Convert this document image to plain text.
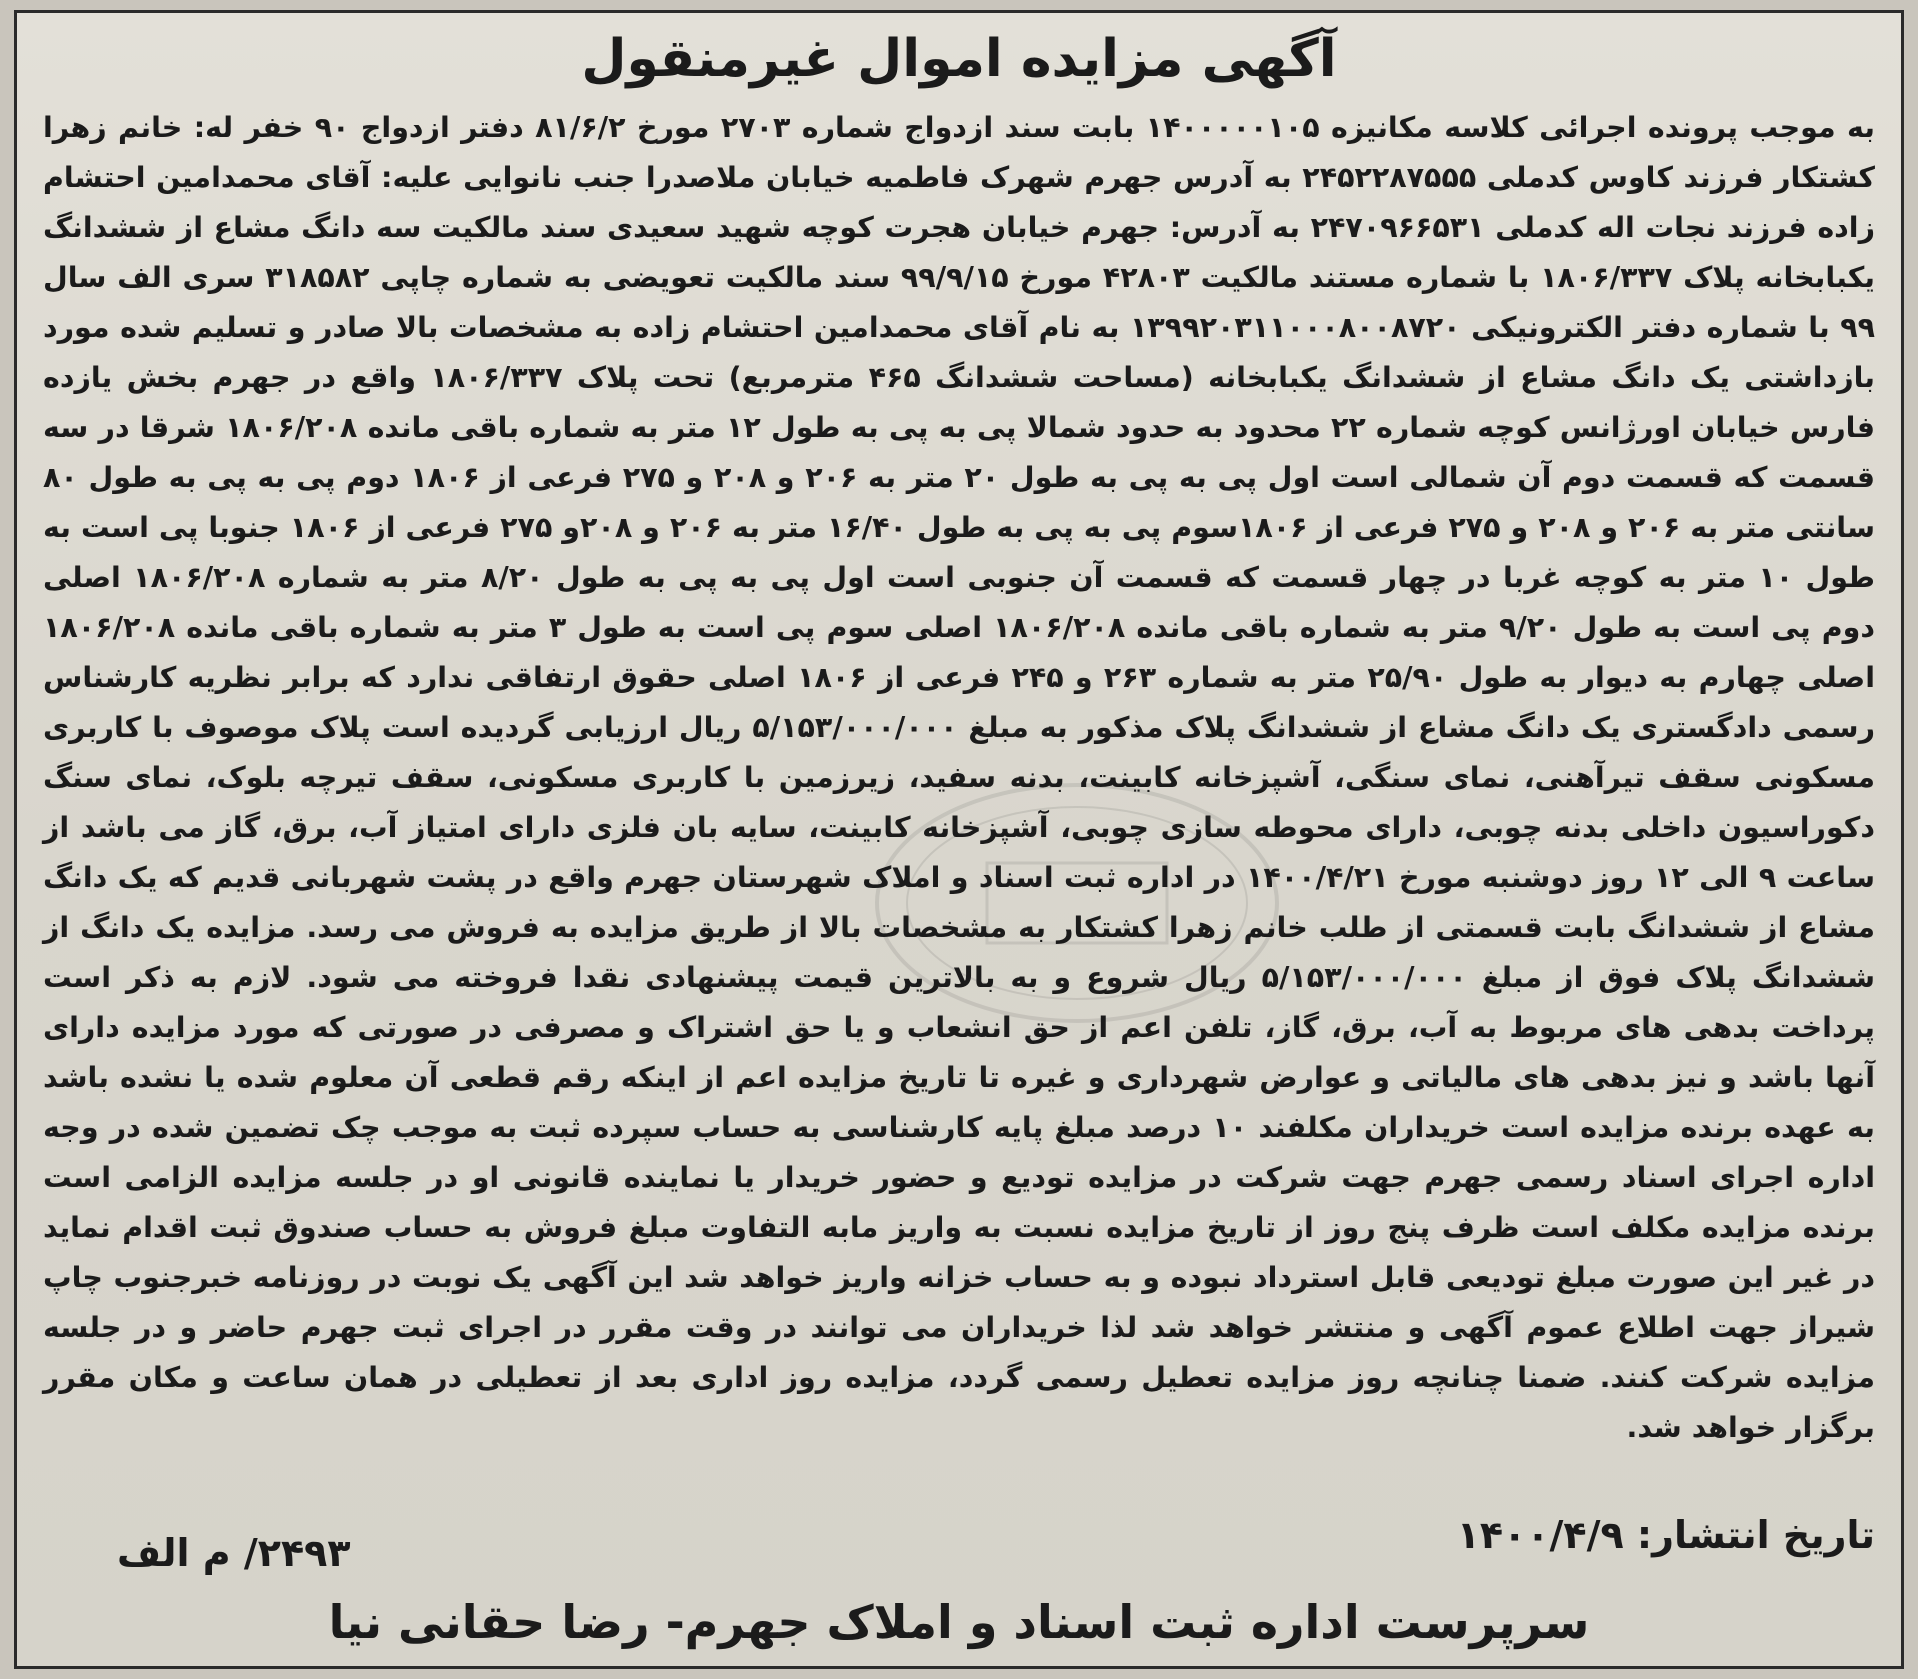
آگهی مزایده اموال غیرمنقول

به موجب پرونده اجرائی کلاسه مکانیزه ۱۴۰۰۰۰۰۱۰۵ بابت سند ازدواج شماره ۲۷۰۳ مورخ ۸۱/۶/۲ دفتر ازدواج ۹۰ خفر له: خانم زهرا کشتکار فرزند کاوس کدملی ۲۴۵۲۲۸۷۵۵۵ به آدرس جهرم شهرک فاطمیه خیابان ملاصدرا جنب نانوایی علیه: آقای محمدامین احتشام زاده فرزند نجات اله کدملی ۲۴۷۰۹۶۶۵۳۱ به آدرس: جهرم خیابان هجرت کوچه شهید سعیدی سند مالکیت سه دانگ مشاع از ششدانگ یکبابخانه پلاک ۱۸۰۶/۳۳۷ با شماره مستند مالکیت ۴۲۸۰۳ مورخ ۹۹/۹/۱۵ سند مالکیت تعویضی به شماره چاپی ۳۱۸۵۸۲ سری الف سال ۹۹ با شماره دفتر الکترونیکی ۱۳۹۹۲۰۳۱۱۰۰۰۸۰۰۸۷۲۰ به نام آقای محمدامین احتشام زاده به مشخصات بالا صادر و تسلیم شده مورد بازداشتی یک دانگ مشاع از ششدانگ یکبابخانه (مساحت ششدانگ ۴۶۵ مترمربع) تحت پلاک ۱۸۰۶/۳۳۷ واقع در جهرم بخش یازده فارس خیابان اورژانس کوچه شماره ۲۲ محدود به حدود شمالا پی به پی به طول ۱۲ متر به شماره باقی مانده ۱۸۰۶/۲۰۸ شرقا در سه قسمت که قسمت دوم آن شمالی است اول پی به پی به طول ۲۰ متر به ۲۰۶ و ۲۰۸ و ۲۷۵ فرعی از ۱۸۰۶ دوم پی به پی به طول ۸۰ سانتی متر به ۲۰۶ و ۲۰۸ و ۲۷۵ فرعی از ۱۸۰۶سوم پی به پی به طول ۱۶/۴۰ متر به ۲۰۶ و ۲۰۸و ۲۷۵ فرعی از ۱۸۰۶ جنوبا پی است به طول ۱۰ متر به کوچه غربا در چهار قسمت که قسمت آن جنوبی است اول پی به پی به طول ۸/۲۰ متر به شماره ۱۸۰۶/۲۰۸ اصلی دوم پی است به طول ۹/۲۰ متر به شماره باقی مانده ۱۸۰۶/۲۰۸ اصلی سوم پی است به طول ۳ متر به شماره باقی مانده ۱۸۰۶/۲۰۸ اصلی چهارم به دیوار به طول ۲۵/۹۰ متر به شماره ۲۶۳ و ۲۴۵ فرعی از ۱۸۰۶ اصلی حقوق ارتفاقی ندارد که برابر نظریه کارشناس رسمی دادگستری یک دانگ مشاع از ششدانگ پلاک مذکور به مبلغ ۵/۱۵۳/۰۰۰/۰۰۰ ریال ارزیابی گردیده است پلاک موصوف با کاربری مسکونی سقف تیرآهنی، نمای سنگی، آشپزخانه کابینت، بدنه سفید، زیرزمین با کاربری مسکونی، سقف تیرچه بلوک، نمای سنگ دکوراسیون داخلی بدنه چوبی، دارای محوطه سازی چوبی، آشپزخانه کابینت، سایه بان فلزی دارای امتیاز آب، برق، گاز می باشد از ساعت ۹ الی ۱۲ روز دوشنبه مورخ ۱۴۰۰/۴/۲۱ در اداره ثبت اسناد و املاک شهرستان جهرم واقع در پشت شهربانی قدیم که یک دانگ مشاع از ششدانگ بابت قسمتی از طلب خانم زهرا کشتکار به مشخصات بالا از طریق مزایده به فروش می رسد. مزایده یک دانگ از ششدانگ پلاک فوق از مبلغ ۵/۱۵۳/۰۰۰/۰۰۰ ریال شروع و به بالاترین قیمت پیشنهادی نقدا فروخته می شود. لازم به ذکر است پرداخت بدهی های مربوط به آب، برق، گاز، تلفن اعم از حق انشعاب و یا حق اشتراک و مصرفی در صورتی که مورد مزایده دارای آنها باشد و نیز بدهی های مالیاتی و عوارض شهرداری و غیره تا تاریخ مزایده اعم از اینکه رقم قطعی آن معلوم شده یا نشده باشد به عهده برنده مزایده است خریداران مکلفند ۱۰ درصد مبلغ پایه کارشناسی به حساب سپرده ثبت به موجب چک تضمین شده در وجه اداره اجرای اسناد رسمی جهرم جهت شرکت در مزایده تودیع و حضور خریدار یا نماینده قانونی او در جلسه مزایده الزامی است برنده مزایده مکلف است ظرف پنج روز از تاریخ مزایده نسبت به واریز مابه التفاوت مبلغ فروش به حساب صندوق ثبت اقدام نماید در غیر این صورت مبلغ تودیعی قابل استرداد نبوده و به حساب خزانه واریز خواهد شد این آگهی یک نوبت در روزنامه خبرجنوب چاپ شیراز جهت اطلاع عموم آگهی و منتشر خواهد شد لذا خریداران می توانند در وقت مقرر در اجرای ثبت جهرم حاضر و در جلسه مزایده شرکت کنند. ضمنا چنانچه روز مزایده تعطیل رسمی گردد، مزایده روز اداری بعد از تعطیلی در همان ساعت و مکان مقرر برگزار خواهد شد.

تاریخ انتشار: ۱۴۰۰/۴/۹
۲۴۹۳/ م الف
سرپرست اداره ثبت اسناد و املاک جهرم- رضا حقانی نیا
